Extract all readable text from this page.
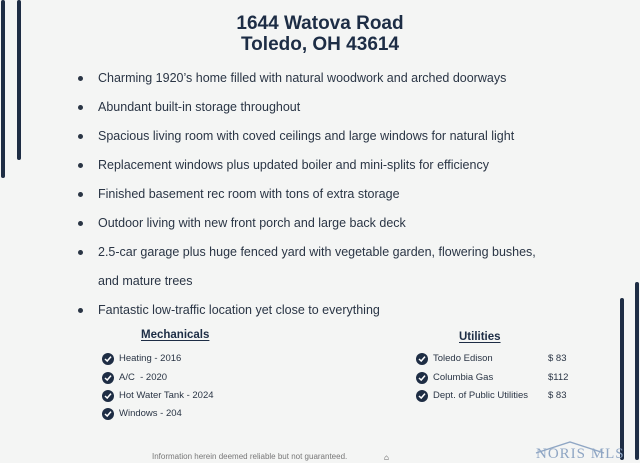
1644 Watova Road
Toledo, OH 43614
Charming 1920’s home filled with natural woodwork and arched doorways
Abundant built-in storage throughout
Spacious living room with coved ceilings and large windows for natural light
Replacement windows plus updated boiler and mini-splits for efficiency
Finished basement rec room with tons of extra storage
Outdoor living with new front porch and large back deck
2.5-car garage plus huge fenced yard with vegetable garden, flowering bushes,
and mature trees
Fantastic low-traffic location yet close to everything
Mechanicals
Heating - 2016
A/C  - 2020
Hot Water Tank - 2024
Windows - 204
Utilities
Toledo Edison	$ 83
Columbia Gas	$112
Dept. of Public Utilities $ 83
Information herein deemed reliable but not guaranteed.	⌂	NORIS MLS
